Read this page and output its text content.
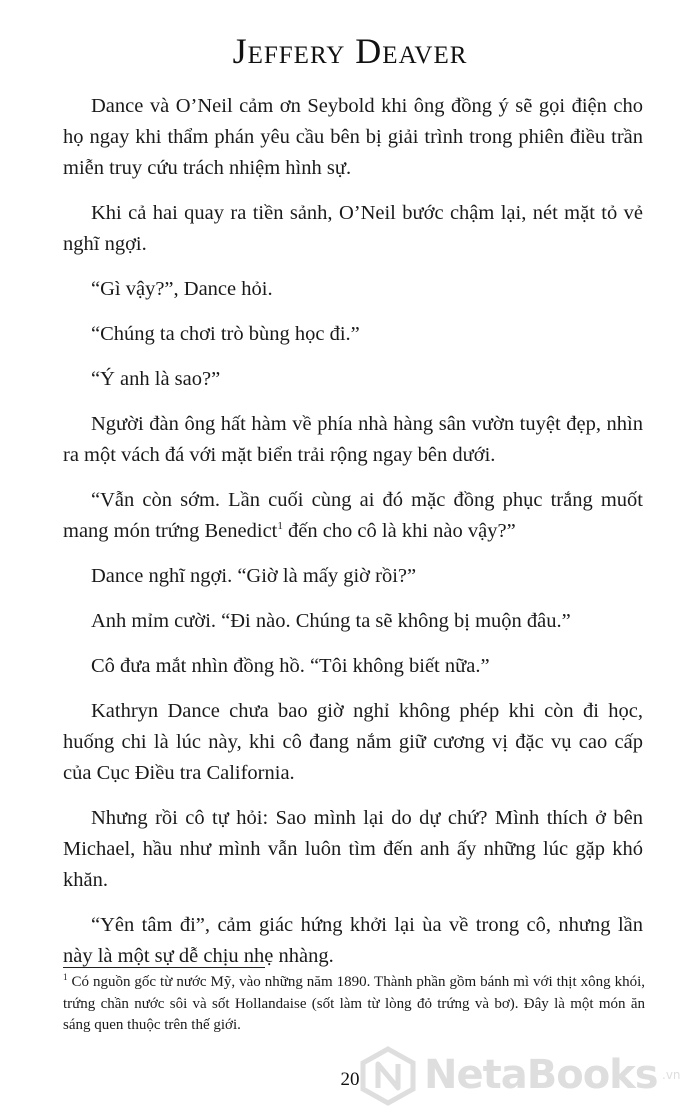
Jeffery Deaver

Dance và O’Neil cảm ơn Seybold khi ông đồng ý sẽ gọi điện cho họ ngay khi thẩm phán yêu cầu bên bị giải trình trong phiên điều trần miễn truy cứu trách nhiệm hình sự.

Khi cả hai quay ra tiền sảnh, O’Neil bước chậm lại, nét mặt tỏ vẻ nghĩ ngợi.

“Gì vậy?”, Dance hỏi.

“Chúng ta chơi trò bùng học đi.”

“Ý anh là sao?”

Người đàn ông hất hàm về phía nhà hàng sân vườn tuyệt đẹp, nhìn ra một vách đá với mặt biển trải rộng ngay bên dưới.

“Vẫn còn sớm. Lần cuối cùng ai đó mặc đồng phục trắng muốt mang món trứng Benedict$^1$ đến cho cô là khi nào vậy?”

Dance nghĩ ngợi. “Giờ là mấy giờ rồi?”

Anh mỉm cười. “Đi nào. Chúng ta sẽ không bị muộn đâu.”

Cô đưa mắt nhìn đồng hồ. “Tôi không biết nữa.”

Kathryn Dance chưa bao giờ nghỉ không phép khi còn đi học, huống chi là lúc này, khi cô đang nắm giữ cương vị đặc vụ cao cấp của Cục Điều tra California.

Nhưng rồi cô tự hỏi: Sao mình lại do dự chứ? Mình thích ở bên Michael, hầu như mình vẫn luôn tìm đến anh ấy những lúc gặp khó khăn.

“Yên tâm đi”, cảm giác hứng khởi lại ùa về trong cô, nhưng lần này là một sự dễ chịu nhẹ nhàng.

$^1$ Có nguồn gốc từ nước Mỹ, vào những năm 1890. Thành phần gồm bánh mì với thịt xông khói, trứng chần nước sôi và sốt Hollandaise (sốt làm từ lòng đỏ trứng và bơ). Đây là một món ăn sáng quen thuộc trên thế giới.
20	NetaBooks .vn
